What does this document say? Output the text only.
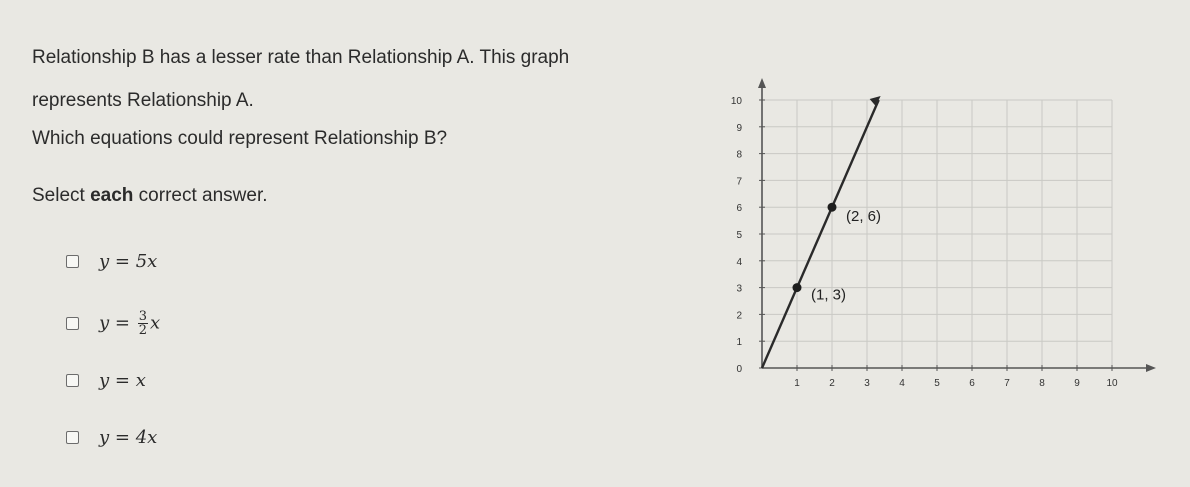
Relationship B has a lesser rate than Relationship A. This graph
represents Relationship A.
Which equations could represent Relationship B?
Select each correct answer.
y = 5x
$y = \frac{3}{2}$ x
y = x
y = 4x
1	2	3	4	5	6	7	8	9	10
0
1
2
3
4
5
6
7
8
9
10
(1, 3)
(2, 6)
